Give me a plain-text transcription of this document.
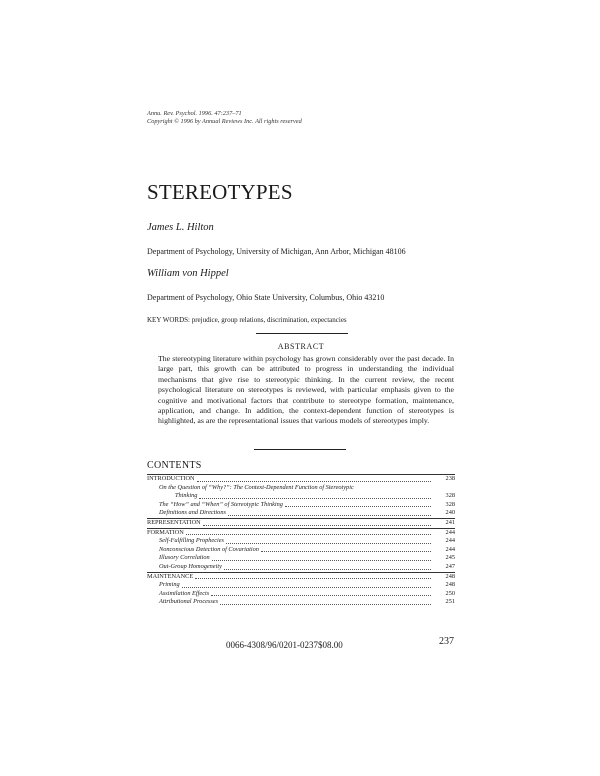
Annu. Rev. Psychol. 1996. 47:237–71
Copyright © 1996 by Annual Reviews Inc. All rights reserved
STEREOTYPES
James L. Hilton
Department of Psychology, University of Michigan, Ann Arbor, Michigan 48106
William von Hippel
Department of Psychology, Ohio State University, Columbus, Ohio 43210
KEY WORDS: prejudice, group relations, discrimination, expectancies
ABSTRACT
The stereotyping literature within psychology has grown considerably over the past decade. In large part, this growth can be attributed to progress in understanding the individual mechanisms that give rise to stereotypic thinking. In the current review, the recent psychological literature on stereotypes is reviewed, with particular emphasis given to the cognitive and motivational factors that contribute to stereotype formation, maintenance, application, and change. In addition, the context-dependent function of stereotypes is highlighted, as are the representational issues that various models of stereotypes imply.
CONTENTS
INTRODUCTION	238
On the Question of “Why?”: The Context-Dependent Function of Stereotypic
Thinking	328
The “How” and “When” of Stereotypic Thinking	328
Definitions and Directions	240
REPRESENTATION	241
FORMATION	244
Self-Fulfilling Prophecies	244
Nonconscious Detection of Covariation	244
Illusory Correlation	245
Out-Group Homogeneity	247
MAINTENANCE	248
Priming	248
Assimilation Effects	250
Attributional Processes	251
0066-4308/96/0201-0237$08.00	237
